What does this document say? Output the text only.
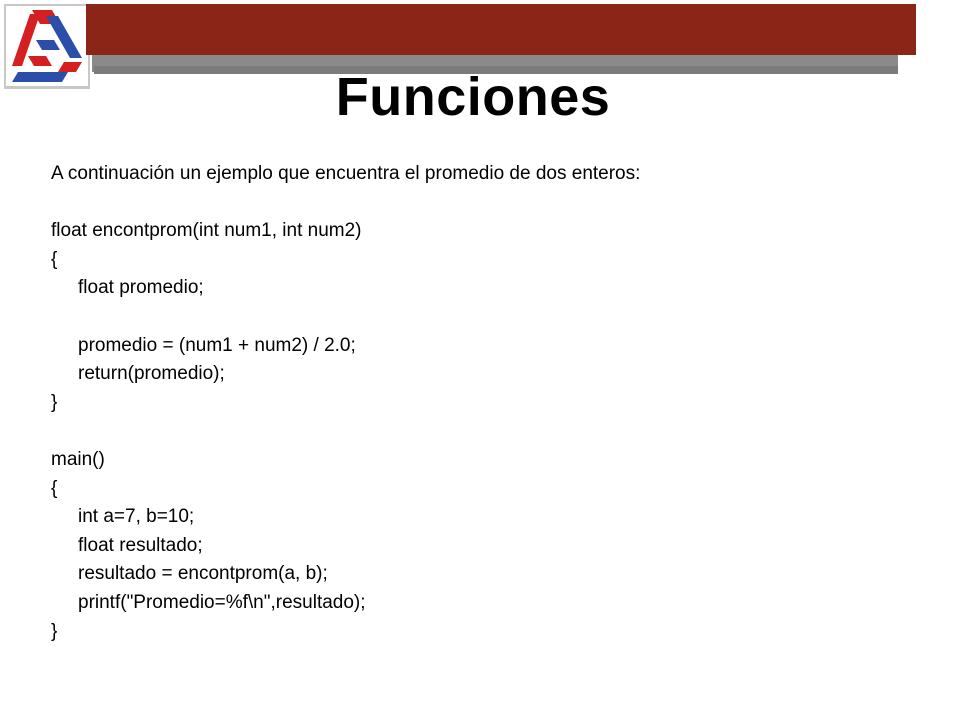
Funciones
A continuación un ejemplo que encuentra el promedio de dos enteros:
float encontprom(int num1, int num2)
{
float promedio;
promedio = (num1 + num2) / 2.0;
return(promedio);
}
main()
{
int a=7, b=10;
float resultado;
resultado = encontprom(a, b);
printf("Promedio=%f\n",resultado);
}
